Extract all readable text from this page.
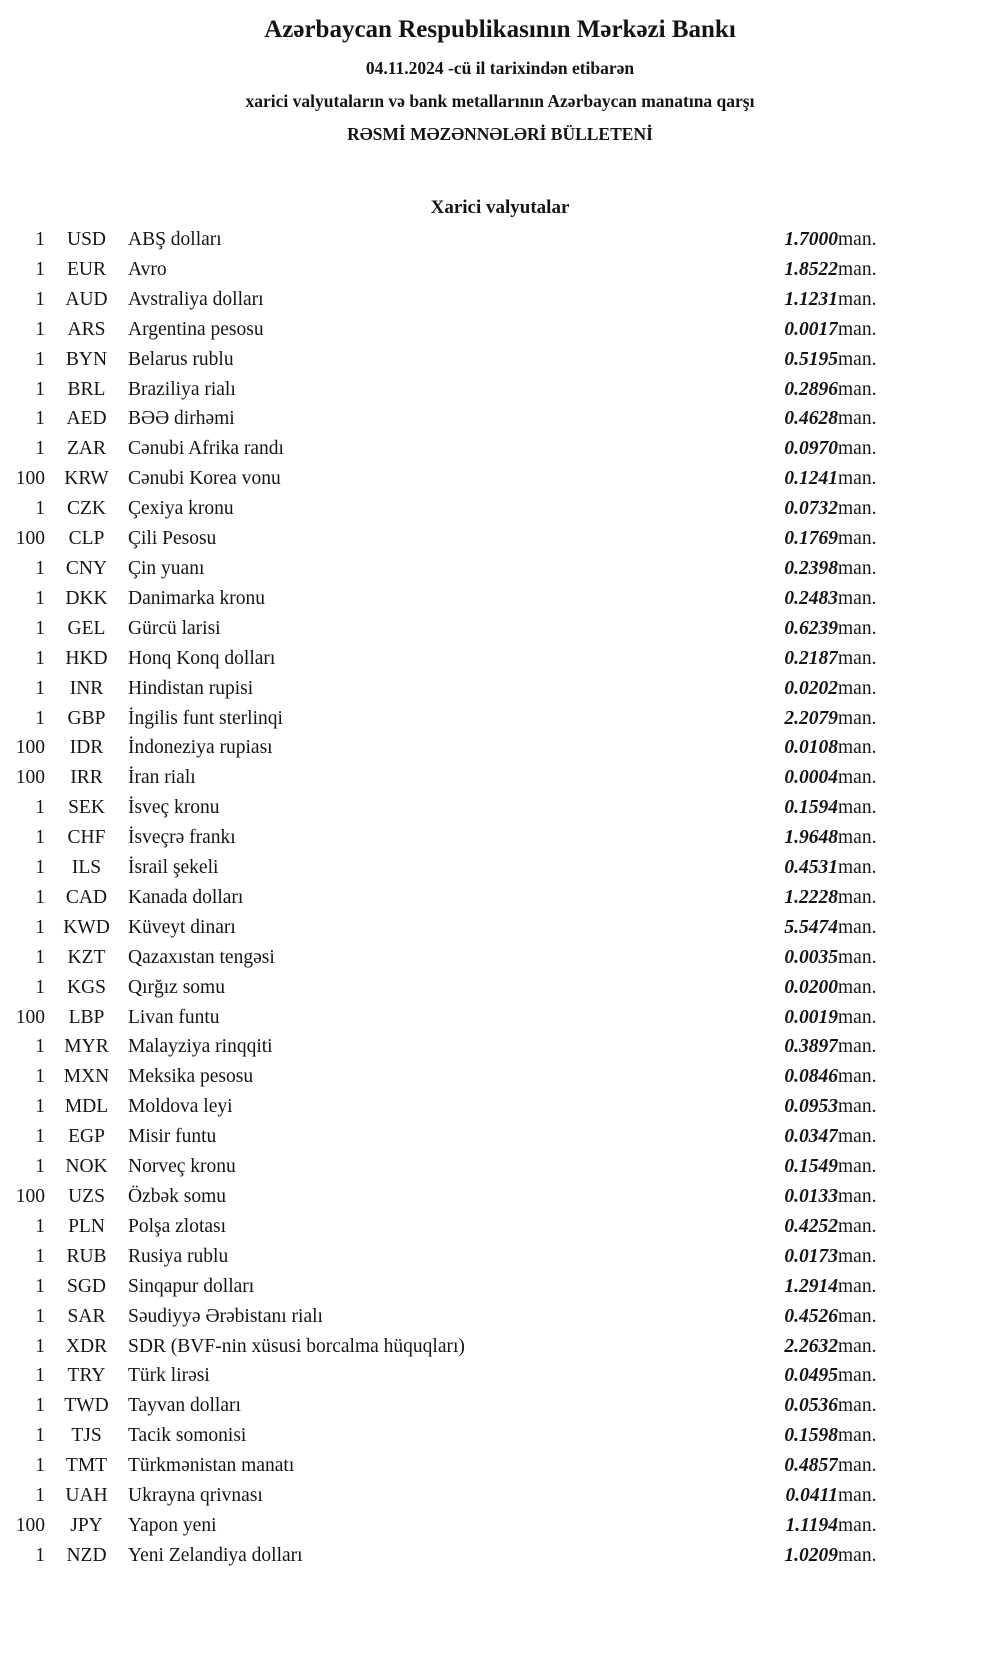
Azərbaycan Respublikasının Mərkəzi Bankı
04.11.2024 -cü il tarixindən etibarən
xarici valyutaların və bank metallarının Azərbaycan manatına qarşı
RƏSMİ MƏZƏNNƏLƏRİ BÜLLETENİ
Xarici valyutalar
1	USD	ABŞ dolları	1.7000	man.
1	EUR	Avro	1.8522	man.
1	AUD	Avstraliya dolları	1.1231	man.
1	ARS	Argentina pesosu	0.0017	man.
1	BYN	Belarus rublu	0.5195	man.
1	BRL	Braziliya rialı	0.2896	man.
1	AED	BƏƏ dirhəmi	0.4628	man.
1	ZAR	Cənubi Afrika randı	0.0970	man.
100	KRW	Cənubi Korea vonu	0.1241	man.
1	CZK	Çexiya kronu	0.0732	man.
100	CLP	Çili Pesosu	0.1769	man.
1	CNY	Çin yuanı	0.2398	man.
1	DKK	Danimarka kronu	0.2483	man.
1	GEL	Gürcü larisi	0.6239	man.
1	HKD	Honq Konq dolları	0.2187	man.
1	INR	Hindistan rupisi	0.0202	man.
1	GBP	İngilis funt sterlinqi	2.2079	man.
100	IDR	İndoneziya rupiası	0.0108	man.
100	IRR	İran rialı	0.0004	man.
1	SEK	İsveç kronu	0.1594	man.
1	CHF	İsveçrə frankı	1.9648	man.
1	ILS	İsrail şekeli	0.4531	man.
1	CAD	Kanada dolları	1.2228	man.
1	KWD	Küveyt dinarı	5.5474	man.
1	KZT	Qazaxıstan tengəsi	0.0035	man.
1	KGS	Qırğız somu	0.0200	man.
100	LBP	Livan funtu	0.0019	man.
1	MYR	Malayziya rinqqiti	0.3897	man.
1	MXN	Meksika pesosu	0.0846	man.
1	MDL	Moldova leyi	0.0953	man.
1	EGP	Misir funtu	0.0347	man.
1	NOK	Norveç kronu	0.1549	man.
100	UZS	Özbək somu	0.0133	man.
1	PLN	Polşa zlotası	0.4252	man.
1	RUB	Rusiya rublu	0.0173	man.
1	SGD	Sinqapur dolları	1.2914	man.
1	SAR	Səudiyyə Ərəbistanı rialı	0.4526	man.
1	XDR	SDR (BVF-nin xüsusi borcalma hüquqları)	2.2632	man.
1	TRY	Türk lirəsi	0.0495	man.
1	TWD	Tayvan dolları	0.0536	man.
1	TJS	Tacik somonisi	0.1598	man.
1	TMT	Türkmənistan manatı	0.4857	man.
1	UAH	Ukrayna qrivnası	0.0411	man.
100	JPY	Yapon yeni	1.1194	man.
1	NZD	Yeni Zelandiya dolları	1.0209	man.
